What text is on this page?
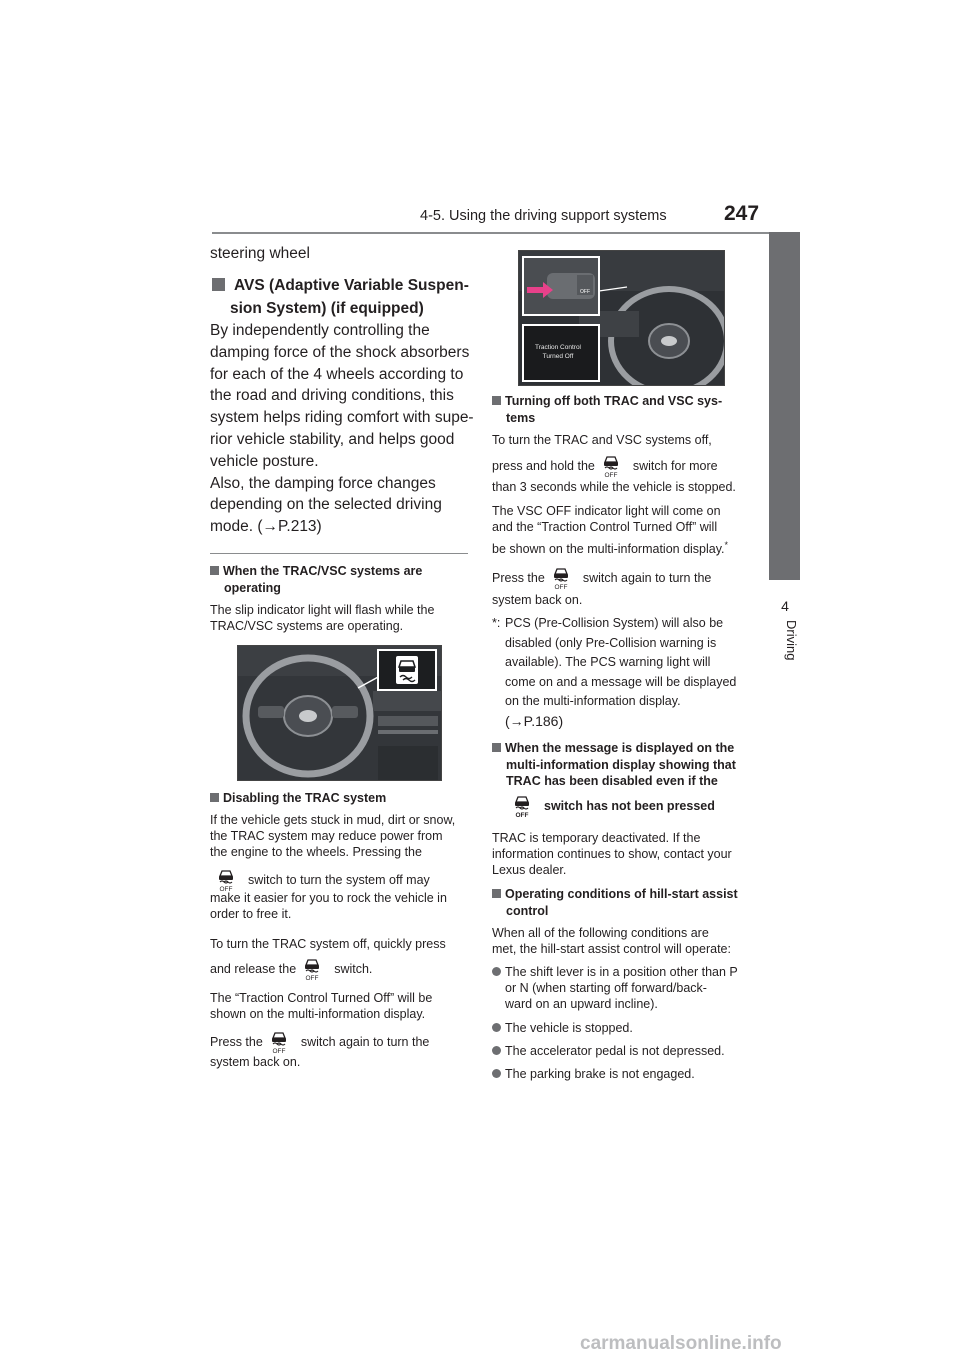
4-5. Using the driving support systems	247
4
Driving
steering wheel
AVS (Adaptive Variable Suspen-
sion System) (if equipped)
By independently controlling the
damping force of the shock absorbers
for each of the 4 wheels according to
the road and driving conditions, this
system helps riding comfort with supe-
rior vehicle stability, and helps good
vehicle posture.
Also, the damping force changes
depending on the selected driving
mode. (→P.213)
When the TRAC/VSC systems are
operating
The slip indicator light will flash while the
TRAC/VSC systems are operating.
Disabling the TRAC system
If the vehicle gets stuck in mud, dirt or snow,
the TRAC system may reduce power from
the engine to the wheels. Pressing the
switch to turn the system off may
make it easier for you to rock the vehicle in
order to free it.
To turn the TRAC system off, quickly press
and release the	switch.
The “Traction Control Turned Off” will be
shown on the multi-information display.
Press the	switch again to turn the
system back on.
OFF
Traction Control
Turned Off
Turning off both TRAC and VSC sys-
tems
To turn the TRAC and VSC systems off,
press and hold the	switch for more
than 3 seconds while the vehicle is stopped.
The VSC OFF indicator light will come on
and the “Traction Control Turned Off” will
be shown on the multi-information display.*
Press the	switch again to turn the
system back on.
*: PCS (Pre-Collision System) will also be
disabled (only Pre-Collision warning is
available). The PCS warning light will
come on and a message will be displayed
on the multi-information display.
(→P.186)
When the message is displayed on the
multi-information display showing that
TRAC has been disabled even if the
switch has not been pressed
TRAC is temporary deactivated. If the
information continues to show, contact your
Lexus dealer.
Operating conditions of hill-start assist
control
When all of the following conditions are
met, the hill-start assist control will operate:
The shift lever is in a position other than P
or N (when starting off forward/back-
ward on an upward incline).
The vehicle is stopped.
The accelerator pedal is not depressed.
The parking brake is not engaged.
carmanualsonline.info
